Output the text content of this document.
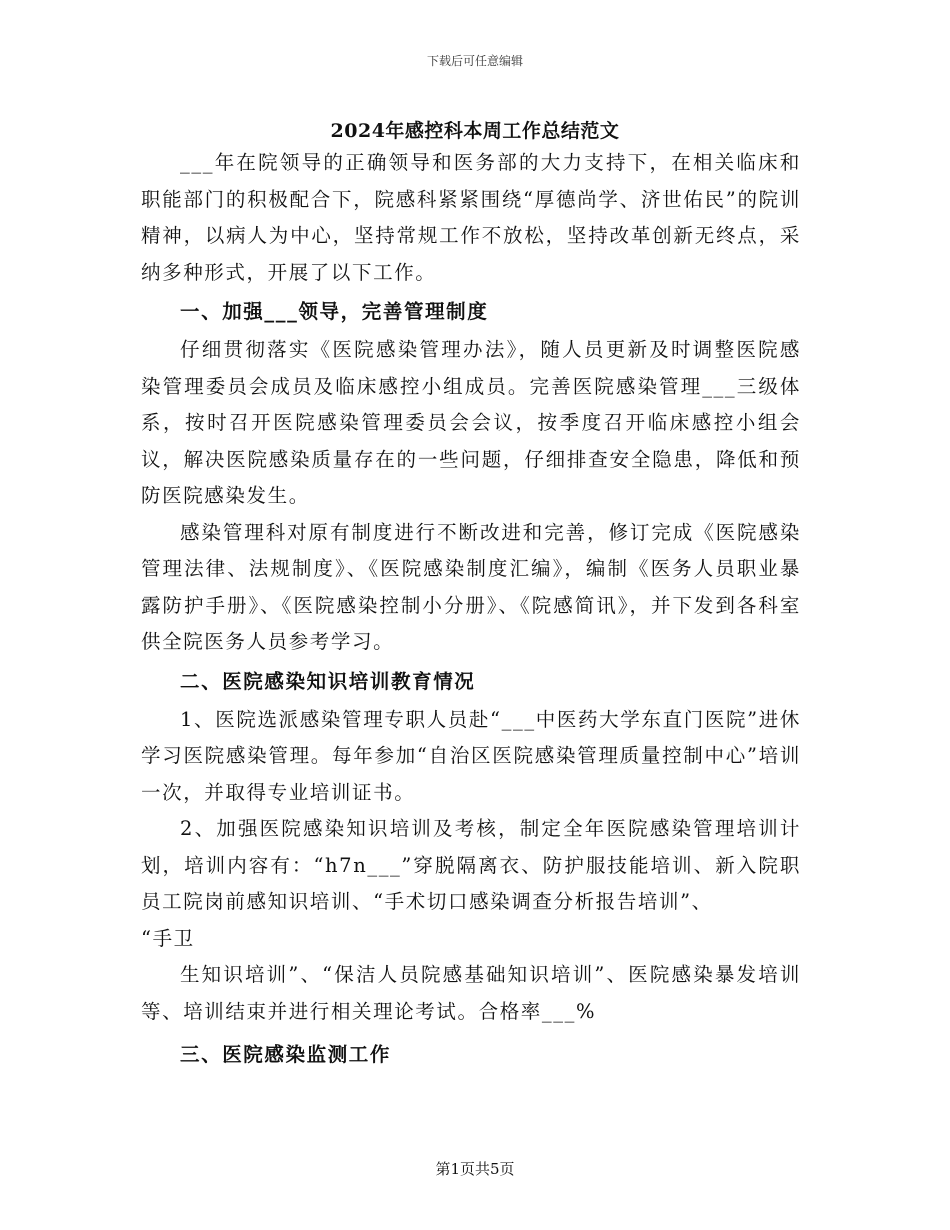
下载后可任意编辑
2024年感控科本周工作总结范文

___年在院领导的正确领导和医务部的大力支持下，在相关临床和职能部门的积极配合下，院感科紧紧围绕“厚德尚学、济世佑民”的院训精神，以病人为中心，坚持常规工作不放松，坚持改革创新无终点，采纳多种形式，开展了以下工作。

一、加强___领导，完善管理制度

仔细贯彻落实《医院感染管理办法》，随人员更新及时调整医院感染管理委员会成员及临床感控小组成员。完善医院感染管理___三级体系，按时召开医院感染管理委员会会议，按季度召开临床感控小组会议，解决医院感染质量存在的一些问题，仔细排查安全隐患，降低和预防医院感染发生。

感染管理科对原有制度进行不断改进和完善，修订完成《医院感染管理法律、法规制度》、《医院感染制度汇编》，编制《医务人员职业暴露防护手册》、《医院感染控制小分册》、《院感简讯》，并下发到各科室供全院医务人员参考学习。

二、医院感染知识培训教育情况

1、医院选派感染管理专职人员赴“___中医药大学东直门医院”进休学习医院感染管理。每年参加“自治区医院感染管理质量控制中心”培训一次，并取得专业培训证书。

2、加强医院感染知识培训及考核，制定全年医院感染管理培训计划，培训内容有：“h7n___”穿脱隔离衣、防护服技能培训、新入院职员工院岗前感知识培训、“手术切口感染调查分析报告培训”、

“手卫

生知识培训”、“保洁人员院感基础知识培训”、医院感染暴发培训等、培训结束并进行相关理论考试。合格率___%

三、医院感染监测工作

第1页共5页
